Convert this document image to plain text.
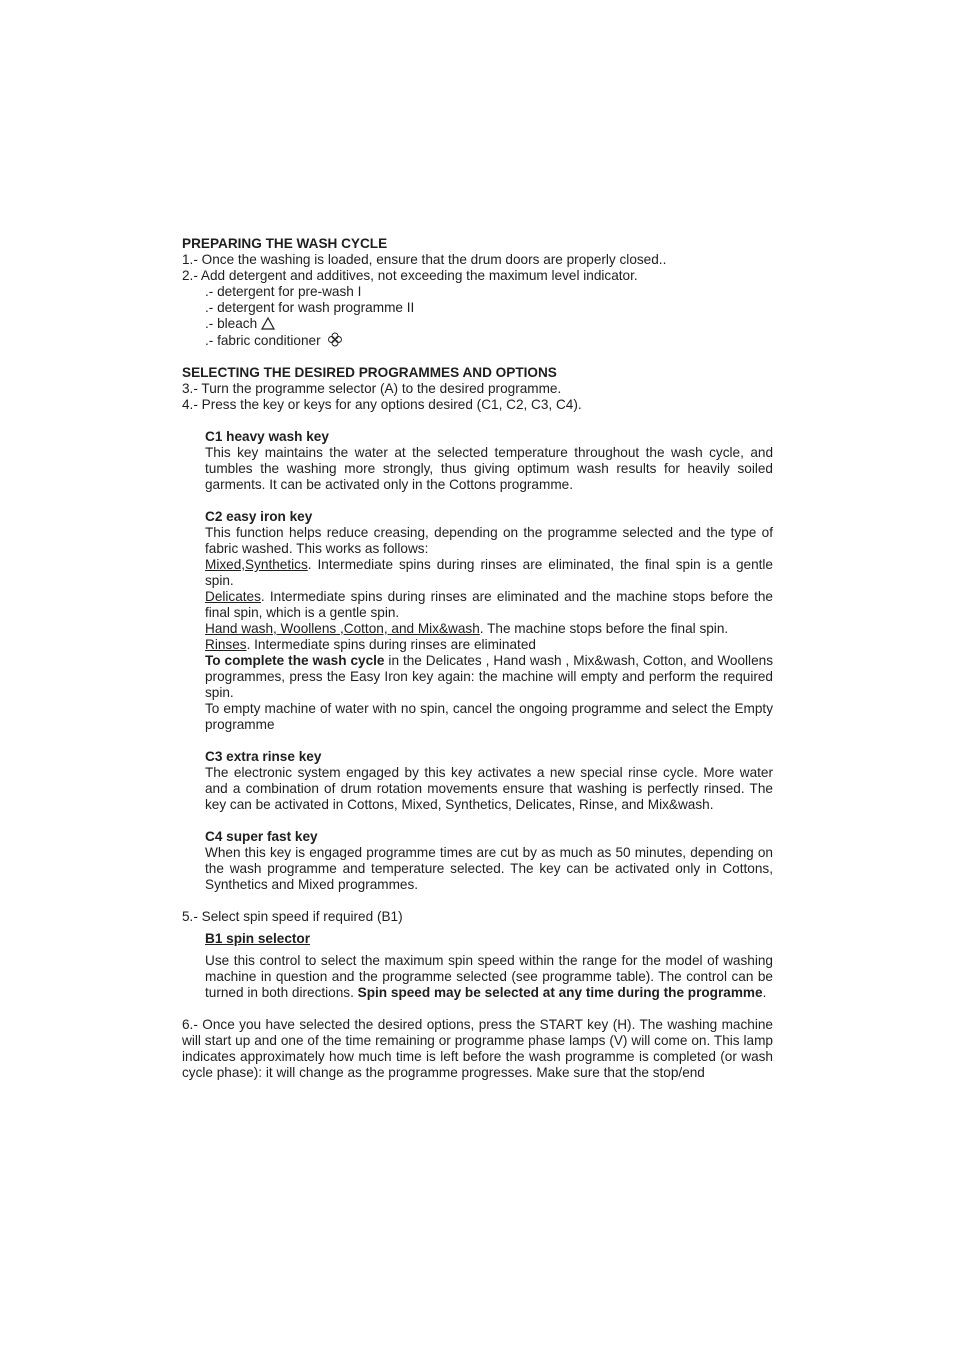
PREPARING THE WASH CYCLE
1.- Once the washing is loaded, ensure that the drum doors are properly closed..
2.- Add detergent and additives, not exceeding the maximum level indicator.
.- detergent for pre-wash I
.- detergent for wash programme II
.- bleach
.- fabric conditioner
SELECTING THE DESIRED PROGRAMMES AND OPTIONS
3.- Turn the programme selector (A) to the desired programme.
4.- Press the key or keys for any options desired (C1, C2, C3, C4).
C1 heavy wash key
This key maintains the water at the selected temperature throughout the wash cycle, and tumbles the washing more strongly, thus giving optimum wash results for heavily soiled garments. It can be activated only in the Cottons programme.
C2 easy iron key
This function helps reduce creasing, depending on the programme selected and the type of fabric washed. This works as follows:
Mixed,Synthetics. Intermediate spins during rinses are eliminated, the final spin is a gentle spin.
Delicates. Intermediate spins during rinses are eliminated and the machine stops before the final spin, which is a gentle spin.
Hand wash, Woollens ,Cotton, and Mix&wash. The machine stops before the final spin.
Rinses. Intermediate spins during rinses are eliminated
To complete the wash cycle in the Delicates , Hand wash , Mix&wash, Cotton, and Woollens programmes, press the Easy Iron key again: the machine will empty and perform the required spin.
To empty machine of water with no spin, cancel the ongoing programme and select the Empty programme
C3 extra rinse key
The electronic system engaged by this key activates a new special rinse cycle. More water and a combination of drum rotation movements ensure that washing is perfectly rinsed. The key can be activated in Cottons, Mixed, Synthetics, Delicates, Rinse, and Mix&wash.
C4 super fast key
When this key is engaged programme times are cut by as much as 50 minutes, depending on the wash programme and temperature selected. The key can be activated only in Cottons, Synthetics and Mixed programmes.
5.- Select spin speed if required (B1)
B1 spin selector
Use this control to select the maximum spin speed within the range for the model of washing machine in question and the programme selected (see programme table). The control can be turned in both directions. Spin speed may be selected at any time during the programme.
6.- Once you have selected the desired options, press the START key (H). The washing machine will start up and one of the time remaining or programme phase lamps (V) will come on. This lamp indicates approximately how much time is left before the wash programme is completed (or wash cycle phase): it will change as the programme progresses. Make sure that the stop/end
